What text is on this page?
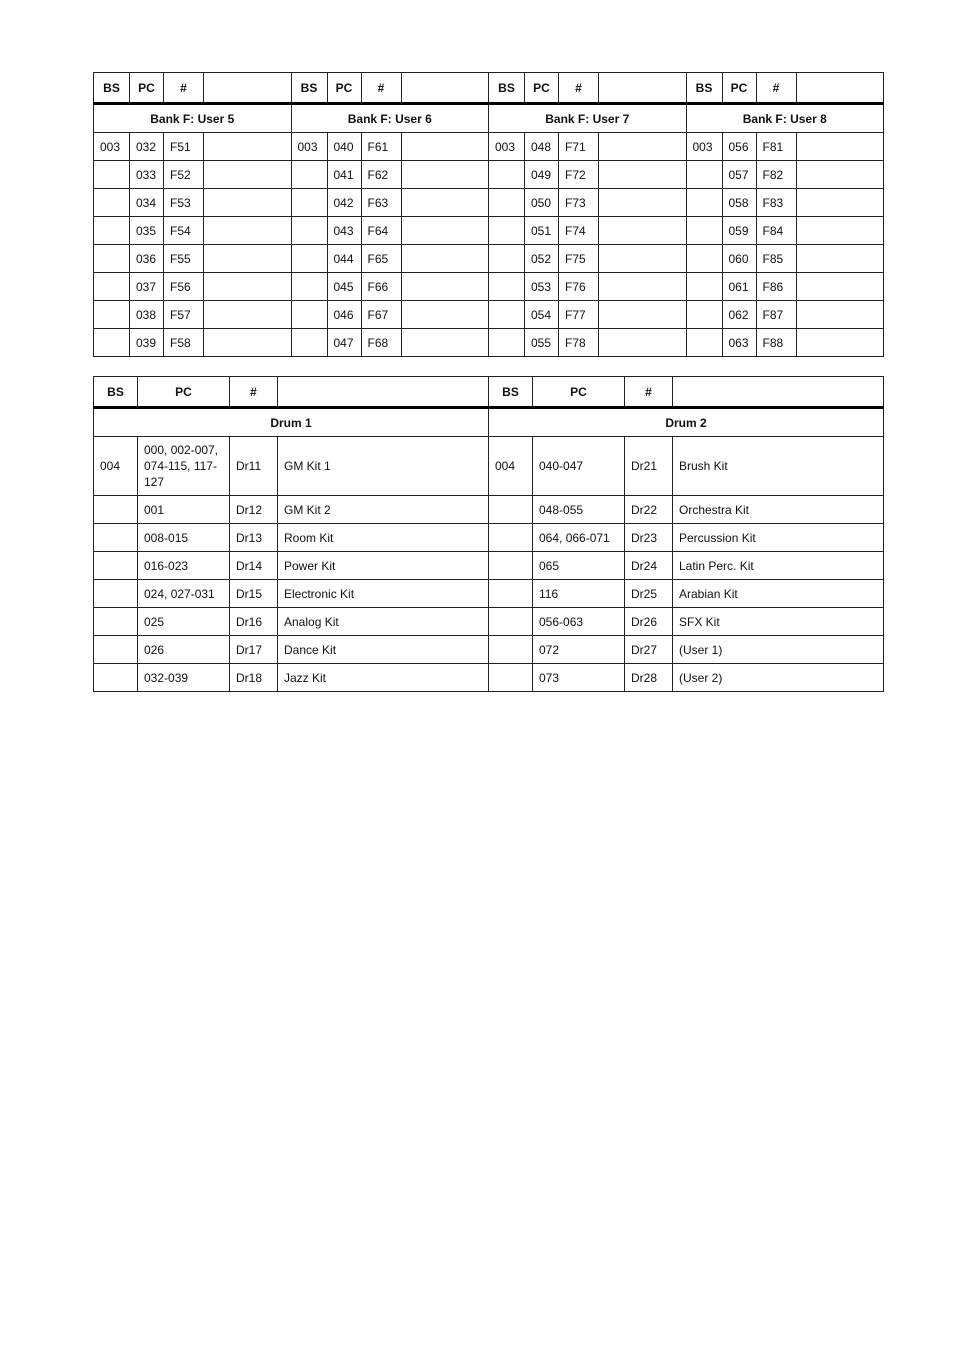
BS	PC	#		BS	PC	#		BS	PC	#		BS	PC	#	
Bank F: User 5				Bank F: User 6				Bank F: User 7				Bank F: User 8			
003	032	F51		003	040	F61		003	048	F71		003	056	F81	
	033	F52			041	F62			049	F72			057	F82	
	034	F53			042	F63			050	F73			058	F83	
	035	F54			043	F64			051	F74			059	F84	
	036	F55			044	F65			052	F75			060	F85	
	037	F56			045	F66			053	F76			061	F86	
	038	F57			046	F67			054	F77			062	F87	
	039	F58			047	F68			055	F78			063	F88	
BS	PC	#		BS	PC	#	
Drum 1				Drum 2			
004	000, 002-007, 074-115, 117-127	Dr11	GM Kit 1	004	040-047	Dr21	Brush Kit
	001	Dr12	GM Kit 2		048-055	Dr22	Orchestra Kit
	008-015	Dr13	Room Kit		064, 066-071	Dr23	Percussion Kit
	016-023	Dr14	Power Kit		065	Dr24	Latin Perc. Kit
	024, 027-031	Dr15	Electronic Kit		116	Dr25	Arabian Kit
	025	Dr16	Analog Kit		056-063	Dr26	SFX Kit
	026	Dr17	Dance Kit		072	Dr27	(User 1)
	032-039	Dr18	Jazz Kit		073	Dr28	(User 2)
